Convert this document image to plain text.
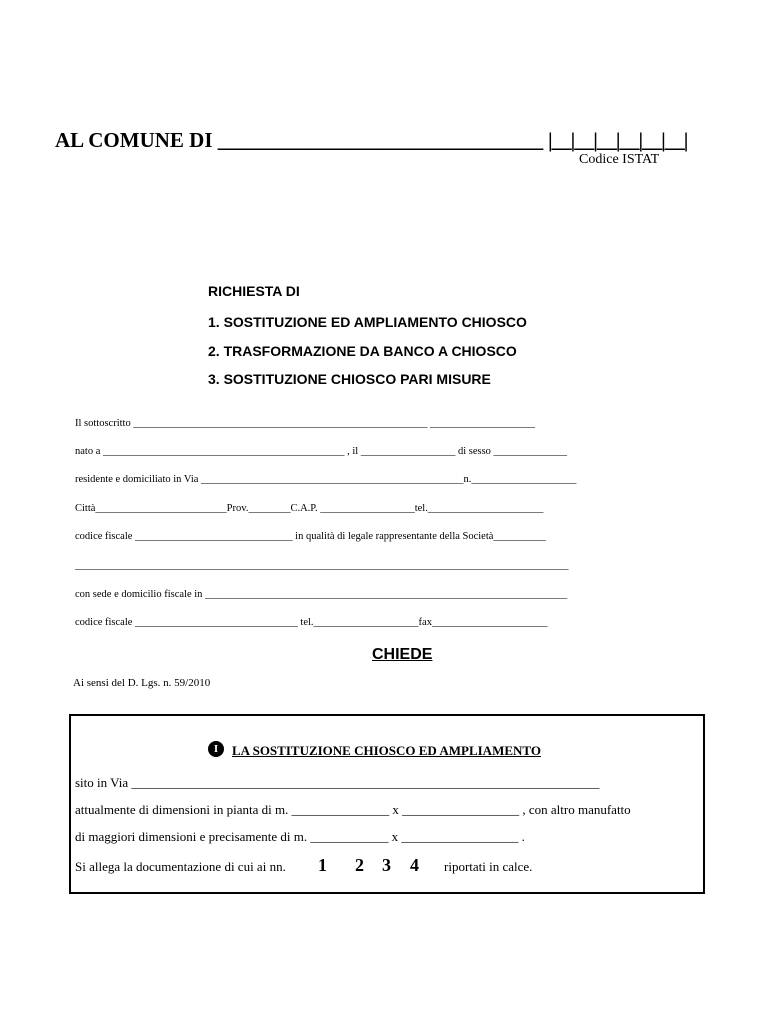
AL COMUNE DI _______________________________ |__|__|__|__|__|__|
Codice ISTAT
RICHIESTA DI
1. SOSTITUZIONE ED AMPLIAMENTO CHIOSCO
2. TRASFORMAZIONE DA BANCO A CHIOSCO
3. SOSTITUZIONE CHIOSCO PARI MISURE
Il sottoscritto ________________________________________________________ ____________________
nato a ______________________________________________ , il __________________ di sesso ______________
residente e domiciliato in Via __________________________________________________n.____________________
Città_________________________Prov.________C.A.P. __________________tel.______________________
codice fiscale ______________________________ in qualità di legale rappresentante della Società__________
______________________________________________________________________________________________
con sede e domicilio fiscale in _____________________________________________________________________
codice fiscale _______________________________ tel.____________________fax______________________
CHIEDE
Ai sensi del D. Lgs. n. 59/2010
I	LA SOSTITUZIONE CHIOSCO ED AMPLIAMENTO
sito in Via ________________________________________________________________________
attualmente di dimensioni in pianta di m. _______________ x __________________ , con altro manufatto
di maggiori dimensioni e precisamente di m. ____________ x __________________ .
Si allega la documentazione di cui ai nn. 1 2 3 4 riportati in calce.
